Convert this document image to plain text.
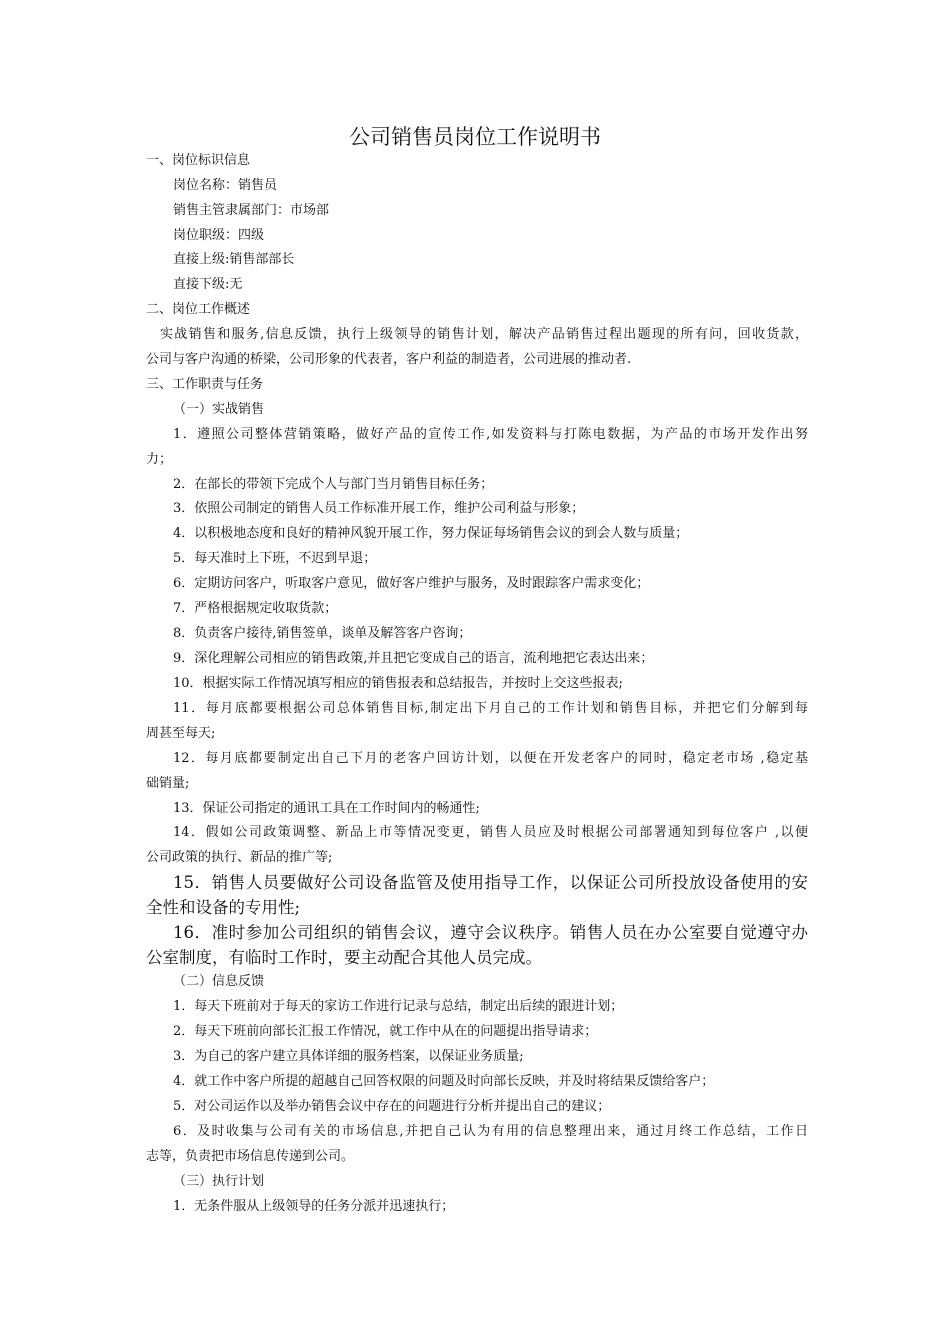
公司销售员岗位工作说明书
一、岗位标识信息
岗位名称：销售员
销售主管隶属部门：市场部
岗位职级：四级
直接上级:销售部部长
直接下级:无
二、岗位工作概述
实战销售和服务,信息反馈，执行上级领导的销售计划，解决产品销售过程出题现的所有问，回收货款，
公司与客户沟通的桥梁，公司形象的代表者，客户利益的制造者，公司进展的推动者.
三、工作职责与任务
（一）实战销售
1．遵照公司整体营销策略，做好产品的宣传工作,如发资料与打陈电数据，为产品的市场开发作出努
力；
2．在部长的带领下完成个人与部门当月销售目标任务；
3．依照公司制定的销售人员工作标准开展工作，维护公司利益与形象；
4．以积极地态度和良好的精神风貌开展工作，努力保证每场销售会议的到会人数与质量；
5．每天准时上下班，不迟到早退；
6．定期访问客户，听取客户意见，做好客户维护与服务，及时跟踪客户需求变化；
7．严格根据规定收取货款；
8．负责客户接待,销售签单，谈单及解答客户咨询；
9．深化理解公司相应的销售政策,并且把它变成自己的语言，流利地把它表达出来；
10．根据实际工作情况填写相应的销售报表和总结报告，并按时上交这些报表;
11．每月底都要根据公司总体销售目标,制定出下月自己的工作计划和销售目标，并把它们分解到每
周甚至每天;
12．每月底都要制定出自己下月的老客户回访计划，以便在开发老客户的同时，稳定老市场 ,稳定基
础销量;
13．保证公司指定的通讯工具在工作时间内的畅通性;
14．假如公司政策调整、新品上市等情况变更，销售人员应及时根据公司部署通知到每位客户 ,以便
公司政策的执行、新品的推广等;
15．销售人员要做好公司设备监管及使用指导工作，以保证公司所投放设备使用的安
全性和设备的专用性;
16．准时参加公司组织的销售会议，遵守会议秩序。销售人员在办公室要自觉遵守办
公室制度，有临时工作时，要主动配合其他人员完成。
（二）信息反馈
1．每天下班前对于每天的家访工作进行记录与总结，制定出后续的跟进计划；
2．每天下班前向部长汇报工作情况，就工作中从在的问题提出指导请求；
3．为自己的客户建立具体详细的服务档案，以保证业务质量;
4．就工作中客户所提的超越自己回答权限的问题及时向部长反映，并及时将结果反馈给客户；
5．对公司运作以及举办销售会议中存在的问题进行分析并提出自己的建议；
6．及时收集与公司有关的市场信息,并把自己认为有用的信息整理出来，通过月终工作总结，工作日
志等，负责把市场信息传递到公司。
（三）执行计划
1．无条件服从上级领导的任务分派并迅速执行；
